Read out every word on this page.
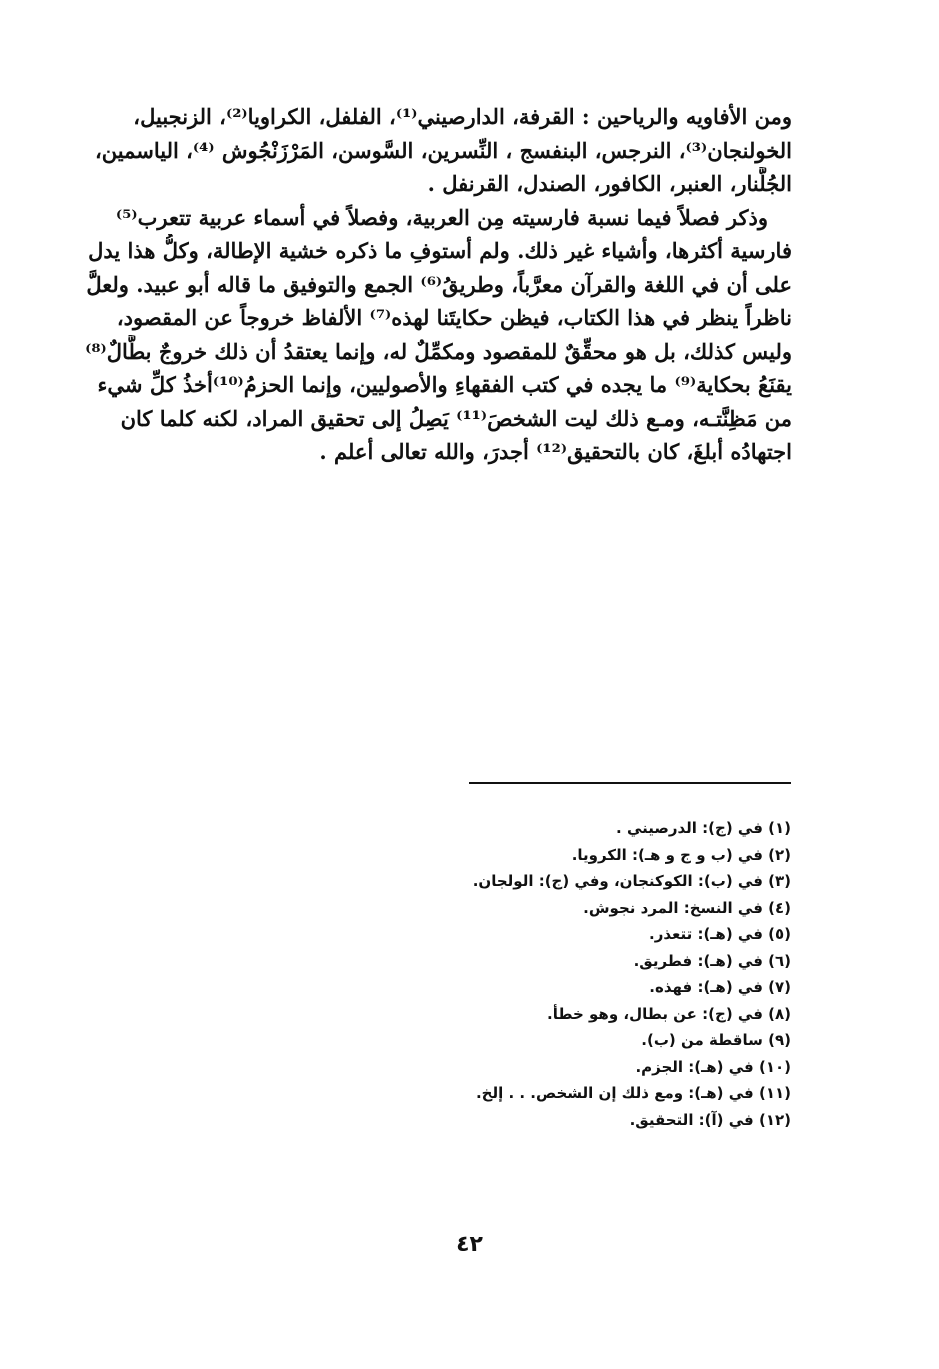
ومن الأفاويه والرياحين : القرفة، الدارصيني⁽¹⁾، الفلفل، الكراويا⁽²⁾، الزنجبيل،
الخولنجان⁽³⁾، النرجس، البنفسج ، النِّسرين، السَّوسن، المَرْزَنْجُوش ⁽⁴⁾، الياسمين،
الجُلَّنار، العنبر، الكافور، الصندل، القرنفل .
وذكر فصلاً فيما نسبة فارسيته مِن العربية، وفصلاً في أسماء عربية تتعرب⁽⁵⁾
فارسية أكثرها، وأشياء غير ذلك. ولم أستوفِ ما ذكره خشية الإطالة، وكلُّ هذا يدل
على أن في اللغة والقرآن معرَّباً، وطريقُ⁽⁶⁾ الجمع والتوفيق ما قاله أبو عبيد. ولعلَّ
ناظراً ينظر في هذا الكتاب، فيظن حكايتَنا لهذه⁽⁷⁾ الألفاظ خروجاً عن المقصود،
وليس كذلك، بل هو محقِّقٌ للمقصود ومكمِّلٌ له، وإنما يعتقدُ أن ذلك خروجٌ بطَّالٌ⁽⁸⁾
يقنَعُ بحكاية⁽⁹⁾ ما يجده في كتب الفقهاءِ والأصوليين، وإنما الحزمُ⁽¹⁰⁾أخذُ كلِّ شيء
من مَظِنَّتـه، ومـع ذلك ليت الشخصَ⁽¹¹⁾ يَصِلُ إلى تحقيق المراد، لكنه كلما كان
اجتهادُه أبلغَ، كان بالتحقيق⁽¹²⁾ أجدرَ، والله تعالى أعلم .
(١) في (ج): الدرصيني .
(٢) في (ب و ج و هـ): الكرويا.
(٣) في (ب): الكوكنجان، وفي (ج): الولجان.
(٤) في النسخ: المرد نجوش.
(٥) في (هـ): تتعذر.
(٦) في (هـ): فطريق.
(٧) في (هـ): فهذه.
(٨) في (ج): عن بطال، وهو خطأ.
(٩) ساقطة من (ب).
(١٠) في (هـ): الجزم.
(١١) في (هـ): ومع ذلك إن الشخص. . . إلخ.
(١٢) في (آ): التحقيق.
٤٢
